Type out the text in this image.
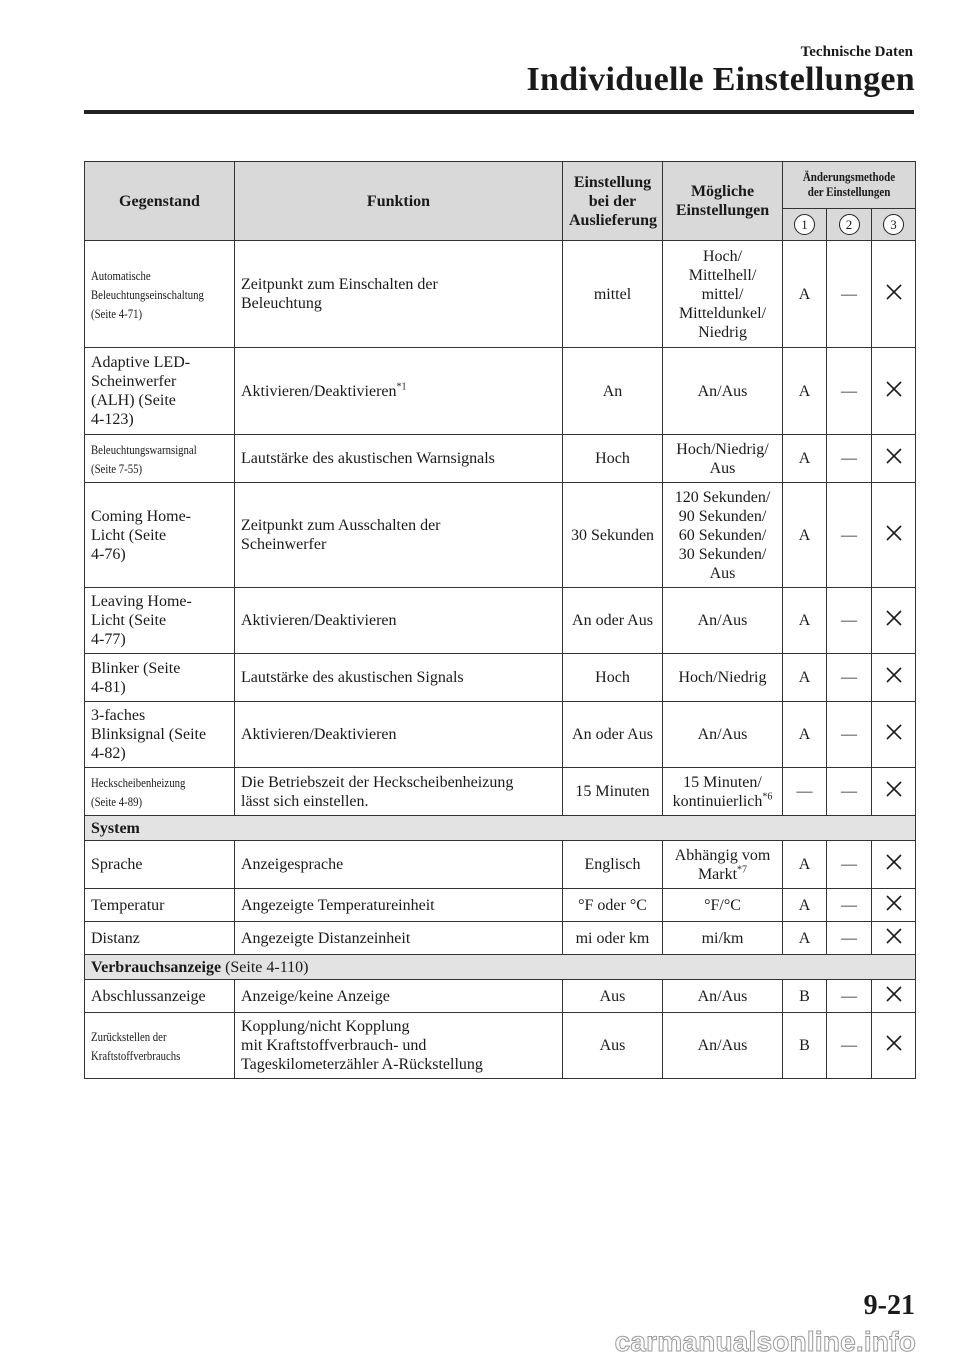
Technische Daten
Individuelle Einstellungen
Gegenstand	Funktion	Einstellung bei der Auslieferung	Mögliche Einstellungen	Änderungsmethode der Einstellungen		
				1	2	3
Automatische
Beleuchtungseinschaltung
(Seite 4-71)	Zeitpunkt zum Einschalten der
Beleuchtung	mittel	Hoch/
Mittelhell/
mittel/
Mitteldunkel/
Niedrig	A	—	
Adaptive LED-
Scheinwerfer
(ALH) (Seite
4-123)	Aktivieren/Deaktivieren$^{*1}$	An	An/Aus	A	—	
Beleuchtungswarnsignal
(Seite 7-55)	Lautstärke des akustischen Warnsignals	Hoch	Hoch/Niedrig/
Aus	A	—	
Coming Home-
Licht (Seite
4-76)	Zeitpunkt zum Ausschalten der
Scheinwerfer	30 Sekunden	120 Sekunden/
90 Sekunden/
60 Sekunden/
30 Sekunden/
Aus	A	—	
Leaving Home-
Licht (Seite
4-77)	Aktivieren/Deaktivieren	An oder Aus	An/Aus	A	—	
Blinker (Seite
4-81)	Lautstärke des akustischen Signals	Hoch	Hoch/Niedrig	A	—	
3-faches
Blinksignal (Seite
4-82)	Aktivieren/Deaktivieren	An oder Aus	An/Aus	A	—	
Heckscheibenheizung
(Seite 4-89)	Die Betriebszeit der Heckscheibenheizung
lässt sich einstellen.	15 Minuten	15 Minuten/
kontinuierlich$^{*6}$	—	—	
System						
Sprache	Anzeigesprache	Englisch	Abhängig vom
Markt$^{*7}$	A	—	
Temperatur	Angezeigte Temperatureinheit	°F oder °C	°F/°C	A	—	
Distanz	Angezeigte Distanzeinheit	mi oder km	mi/km	A	—	
Verbrauchsanzeige (Seite 4-110)						
Abschlussanzeige	Anzeige/keine Anzeige	Aus	An/Aus	B	—	
Zurückstellen der
Kraftstoffverbrauchs	Kopplung/nicht Kopplung
mit Kraftstoffverbrauch- und
Tageskilometerzähler A-Rückstellung	Aus	An/Aus	B	—	
9-21
carmanualsonline.info
